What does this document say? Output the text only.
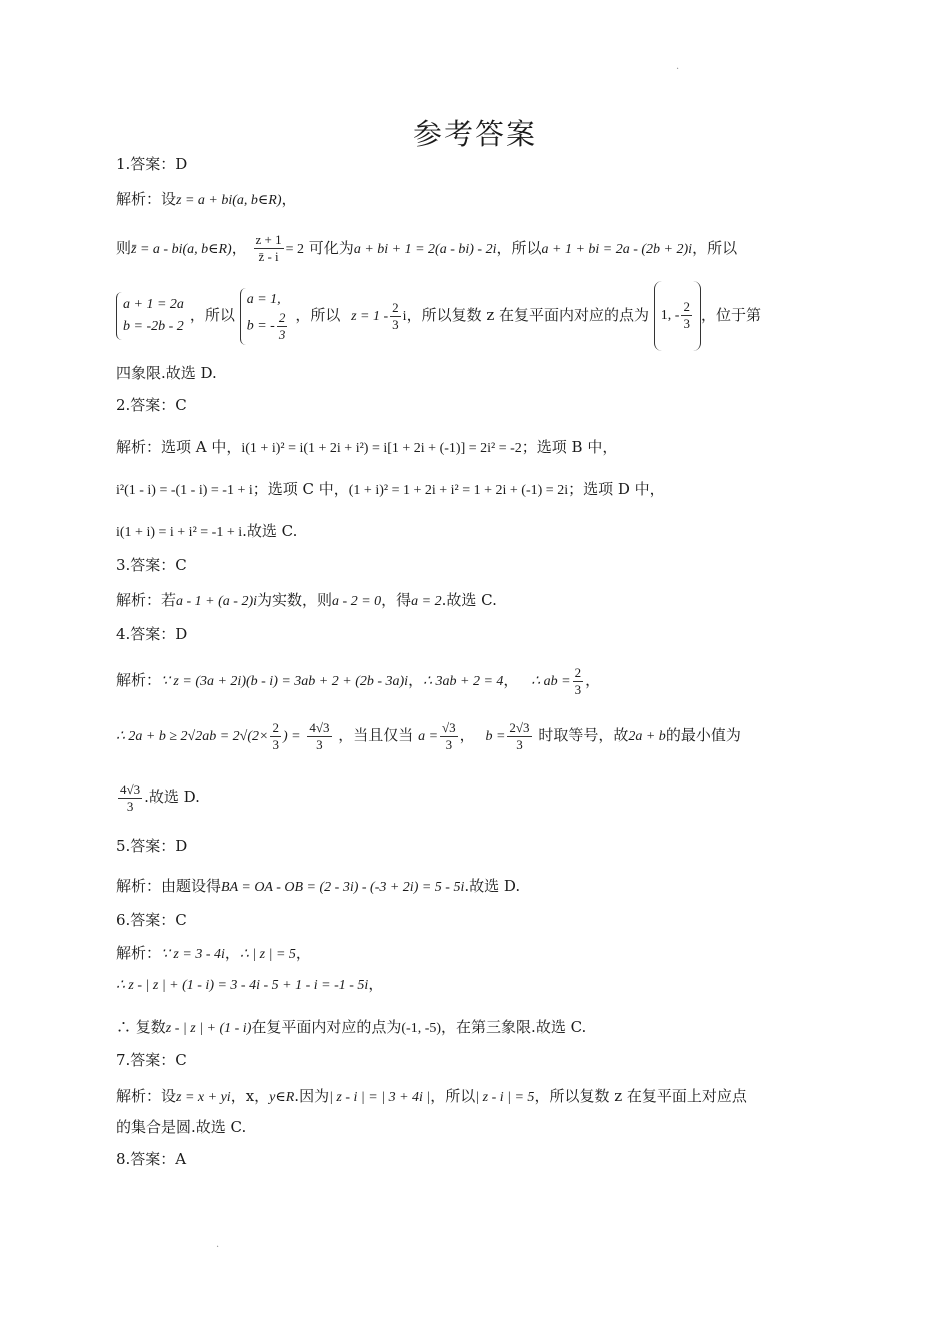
·
·
参考答案
1.答案：D
解析：设z = a + bi(a, b∈R)，
则z̄ = a - bi(a, b∈R)， $\frac{z + 1}{z̄ - i} = 2$ 可化为a + bi + 1 = 2(a - bi) - 2i，所以a + 1 + bi = 2a - (2b + 2)i，所以
a + 1 = 2a
b = -2b - 2
，所以
a = 1,
b = - $\frac{2}{3}$ ，所以 $z = 1 - \frac{2}{3}$ i，所以复数 z 在复平面内对应的点为 1, - $\frac{2}{3}$ ，位于第
四象限.故选 D.
2.答案：C
解析：选项 A 中，i(1 + i)² = i(1 + 2i + i²) = i[1 + 2i + (-1)] = 2i² = -2；选项 B 中，
i²(1 - i) = -(1 - i) = -1 + i；选项 C 中，(1 + i)² = 1 + 2i + i² = 1 + 2i + (-1) = 2i；选项 D 中，
i(1 + i) = i + i² = -1 + i.故选 C.
3.答案：C
解析：若a - 1 + (a - 2)i为实数，则a - 2 = 0，得a = 2.故选 C.
4.答案：D
解析：∵ z = (3a + 2i)(b - i) = 3ab + 2 + (2b - 3a)i，∴ 3ab + 2 = 4， ∴ ab = $\frac{2}{3}$ ，
∴ $2a + b \ge 2√2ab = 2√(2\times \frac{2}{3}$ ) = $\frac{4√3}{3}$ ，当且仅当 $a = \frac{√3}{3}$ ， $b = \frac{2√3}{3}$ 时取等号，故2a + b的最小值为
$\frac{4√3}{3}$ .故选 D.
5.答案：D
解析：由题设得BA = OA - OB = (2 - 3i) - (-3 + 2i) = 5 - 5i.故选 D.
6.答案：C
解析：∵ z = 3 - 4i，∴ | z | = 5，
∴ z - | z | + (1 - i) = 3 - 4i - 5 + 1 - i = -1 - 5i，
∴ 复数z - | z | + (1 - i)在复平面内对应的点为(-1, -5)，在第三象限.故选 C.
7.答案：C
解析：设z = x + yi，x，y∈R.因为| z - i | = | 3 + 4i |，所以| z - i | = 5，所以复数 z 在复平面上对应点
的集合是圆.故选 C.
8.答案：A
